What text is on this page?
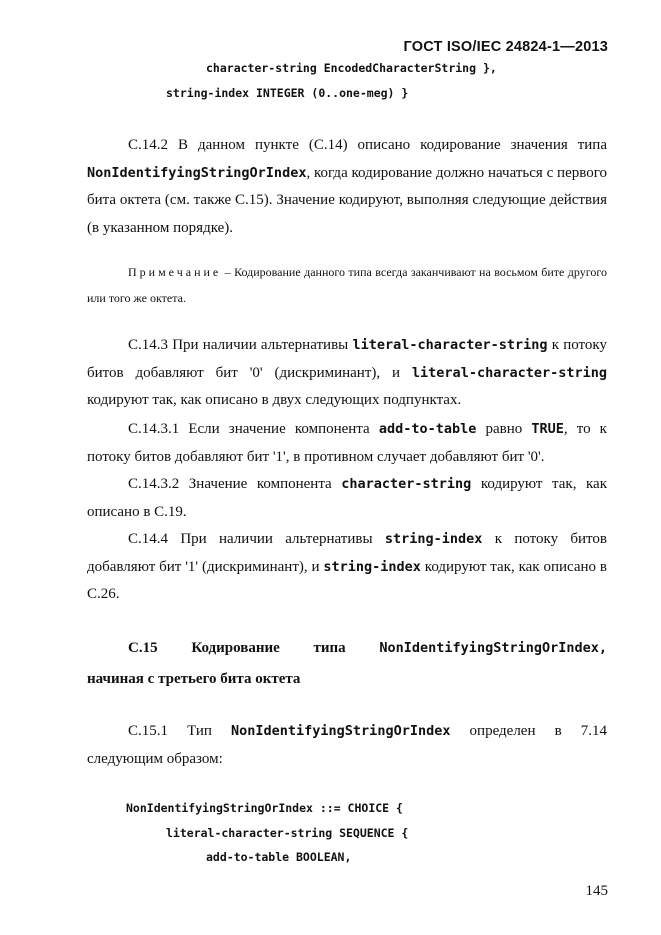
ГОСТ ISO/IEC 24824-1—2013
character-string EncodedCharacterString },
string-index INTEGER (0..one-meg) }
С.14.2 В данном пункте (С.14) описано кодирование значения типа NonIdentifyingStringOrIndex, когда кодирование должно начаться с первого бита октета (см. также С.15). Значение кодируют, выполняя следующие действия (в указанном порядке).
Примечание – Кодирование данного типа всегда заканчивают на восьмом бите другого или того же октета.
С.14.3 При наличии альтернативы literal-character-string к потоку битов добавляют бит '0' (дискриминант), и literal-character-string кодируют так, как описано в двух следующих подпунктах.
С.14.3.1 Если значение компонента add-to-table равно TRUE, то к потоку битов добавляют бит '1', в противном случает добавляют бит '0'.
С.14.3.2 Значение компонента character-string кодируют так, как описано в С.19.
С.14.4 При наличии альтернативы string-index к потоку битов добавляют бит '1' (дискриминант), и string-index кодируют так, как описано в С.26.
С.15 Кодирование типа NonIdentifyingStringOrIndex,
начиная с третьего бита октета
С.15.1 Тип NonIdentifyingStringOrIndex определен в 7.14 следующим образом:
NonIdentifyingStringOrIndex ::= CHOICE {
literal-character-string SEQUENCE {
add-to-table BOOLEAN,
145
